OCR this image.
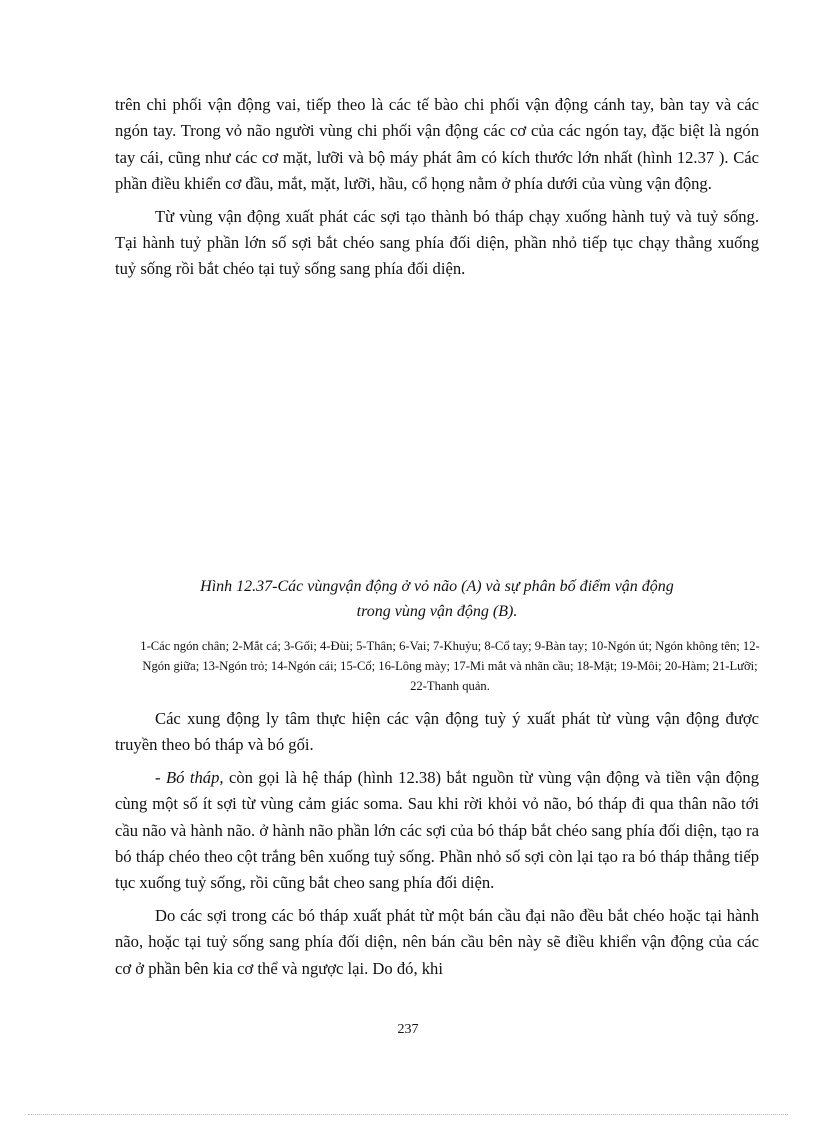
trên chi phối vận động vai, tiếp theo là các tế bào chi phối vận động cánh tay, bàn tay và các ngón tay. Trong vỏ não người vùng chi phối vận động các cơ của các ngón tay, đặc biệt là ngón tay cái, cũng như các cơ mặt, lưỡi và bộ máy phát âm có kích thước lớn nhất (hình 12.37 ). Các phần điều khiển cơ đầu, mắt, mặt, lưỡi, hầu, cổ họng nằm ở phía dưới của vùng vận động.

Từ vùng vận động xuất phát các sợi tạo thành bó tháp chạy xuống hành tuỷ và tuỷ sống. Tại hành tuỷ phần lớn số sợi bắt chéo sang phía đối diện, phần nhỏ tiếp tục chạy thẳng xuống tuỷ sống rồi bắt chéo tại tuỷ sống sang phía đối diện.

Hình 12.37-Các vùngvận động ở vỏ não (A) và sự phân bố điểm vận động
trong vùng vận động (B).
1-Các ngón chân; 2-Mắt cá; 3-Gối; 4-Đùi; 5-Thân; 6-Vai; 7-Khuỷu; 8-Cổ tay; 9-Bàn tay; 10-Ngón út; Ngón không tên; 12-Ngón giữa; 13-Ngón trỏ; 14-Ngón cái; 15-Cổ; 16-Lông mày; 17-Mi mắt và nhãn cầu; 18-Mặt; 19-Môi; 20-Hàm; 21-Lưỡi; 22-Thanh quản.

Các xung động ly tâm thực hiện các vận động tuỳ ý xuất phát từ vùng vận động được truyền theo bó tháp và bó gối.

- Bó tháp, còn gọi là hệ tháp (hình 12.38) bắt nguồn từ vùng vận động và tiền vận động cùng một số ít sợi từ vùng cảm giác soma. Sau khi rời khỏi vỏ não, bó tháp đi qua thân não tới cầu não và hành não. ở hành não phần lớn các sợi của bó tháp bắt chéo sang phía đối diện, tạo ra bó tháp chéo theo cột trắng bên xuống tuỷ sống. Phần nhỏ số sợi còn lại tạo ra bó tháp thẳng tiếp tục xuống tuỷ sống, rồi cũng bắt cheo sang phía đối diện.

Do các sợi trong các bó tháp xuất phát từ một bán cầu đại não đều bắt chéo hoặc tại hành não, hoặc tại tuỷ sống sang phía đối diện, nên bán cầu bên này sẽ điều khiển vận động của các cơ ở phần bên kia cơ thể và ngược lại. Do đó, khi

237
